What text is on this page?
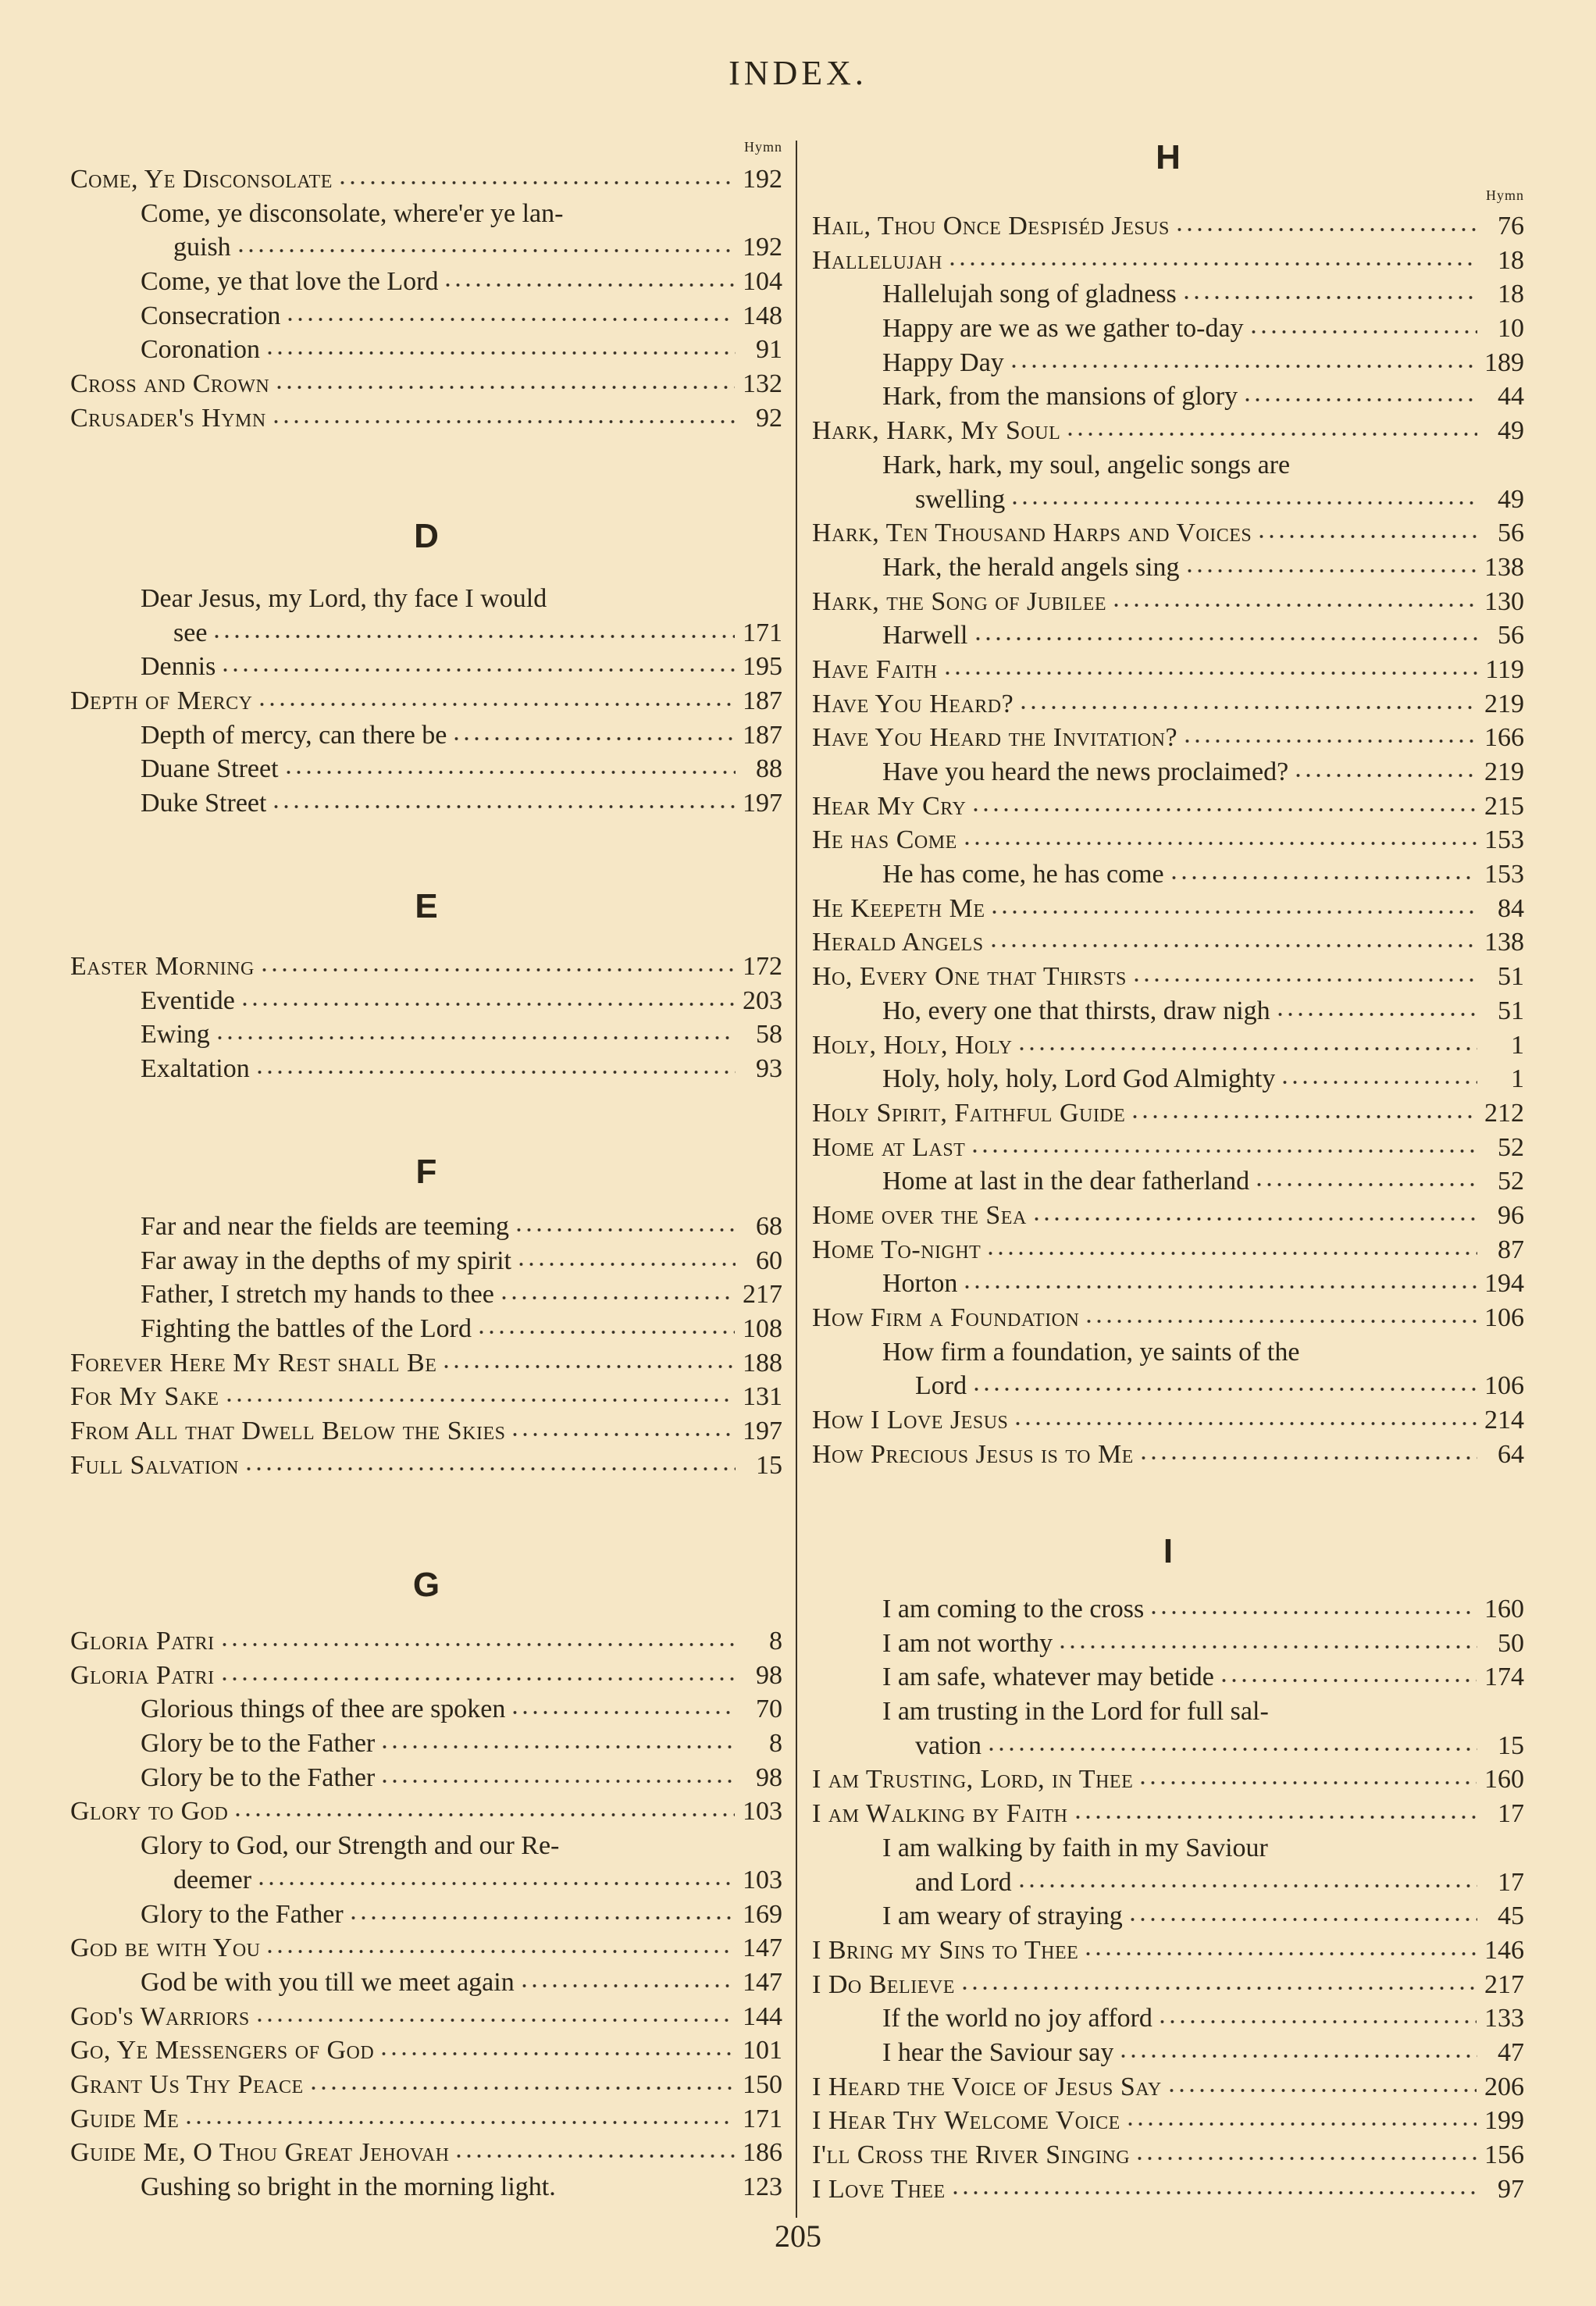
INDEX.
Hymn
Come, Ye Disconsolate	192
Come, ye disconsolate, where'er ye lan-
guish	192
Come, ye that love the Lord	104
Consecration	148
Coronation	91
Cross and Crown	132
Crusader's Hymn	92
D
Dear Jesus, my Lord, thy face I would
see	171
Dennis	195
Depth of Mercy	187
Depth of mercy, can there be	187
Duane Street	88
Duke Street	197
E
Easter Morning	172
Eventide	203
Ewing	58
Exaltation	93
F
Far and near the fields are teeming	68
Far away in the depths of my spirit	60
Father, I stretch my hands to thee	217
Fighting the battles of the Lord	108
Forever Here My Rest shall Be	188
For My Sake	131
From All that Dwell Below the Skies	197
Full Salvation	15
G
Gloria Patri	8
Gloria Patri	98
Glorious things of thee are spoken	70
Glory be to the Father	8
Glory be to the Father	98
Glory to God	103
Glory to God, our Strength and our Re-
deemer	103
Glory to the Father	169
God be with You	147
God be with you till we meet again	147
God's Warriors	144
Go, Ye Messengers of God	101
Grant Us Thy Peace	150
Guide Me	171
Guide Me, O Thou Great Jehovah	186
Gushing so bright in the morning light.	123
H
Hymn
Hail, Thou Once Despiséd Jesus	76
Hallelujah	18
Hallelujah song of gladness	18
Happy are we as we gather to-day	10
Happy Day	189
Hark, from the mansions of glory	44
Hark, Hark, My Soul	49
Hark, hark, my soul, angelic songs are
swelling	49
Hark, Ten Thousand Harps and Voices	56
Hark, the herald angels sing	138
Hark, the Song of Jubilee	130
Harwell	56
Have Faith	119
Have You Heard?	219
Have You Heard the Invitation?	166
Have you heard the news proclaimed?	219
Hear My Cry	215
He has Come	153
He has come, he has come	153
He Keepeth Me	84
Herald Angels	138
Ho, Every One that Thirsts	51
Ho, every one that thirsts, draw nigh	51
Holy, Holy, Holy	1
Holy, holy, holy, Lord God Almighty	1
Holy Spirit, Faithful Guide	212
Home at Last	52
Home at last in the dear fatherland	52
Home over the Sea	96
Home To-night	87
Horton	194
How Firm a Foundation	106
How firm a foundation, ye saints of the
Lord	106
How I Love Jesus	214
How Precious Jesus is to Me	64
I
I am coming to the cross	160
I am not worthy	50
I am safe, whatever may betide	174
I am trusting in the Lord for full sal-
vation	15
I am Trusting, Lord, in Thee	160
I am Walking by Faith	17
I am walking by faith in my Saviour
and Lord	17
I am weary of straying	45
I Bring my Sins to Thee	146
I Do Believe	217
If the world no joy afford	133
I hear the Saviour say	47
I Heard the Voice of Jesus Say	206
I Hear Thy Welcome Voice	199
I'll Cross the River Singing	156
I Love Thee	97
205
